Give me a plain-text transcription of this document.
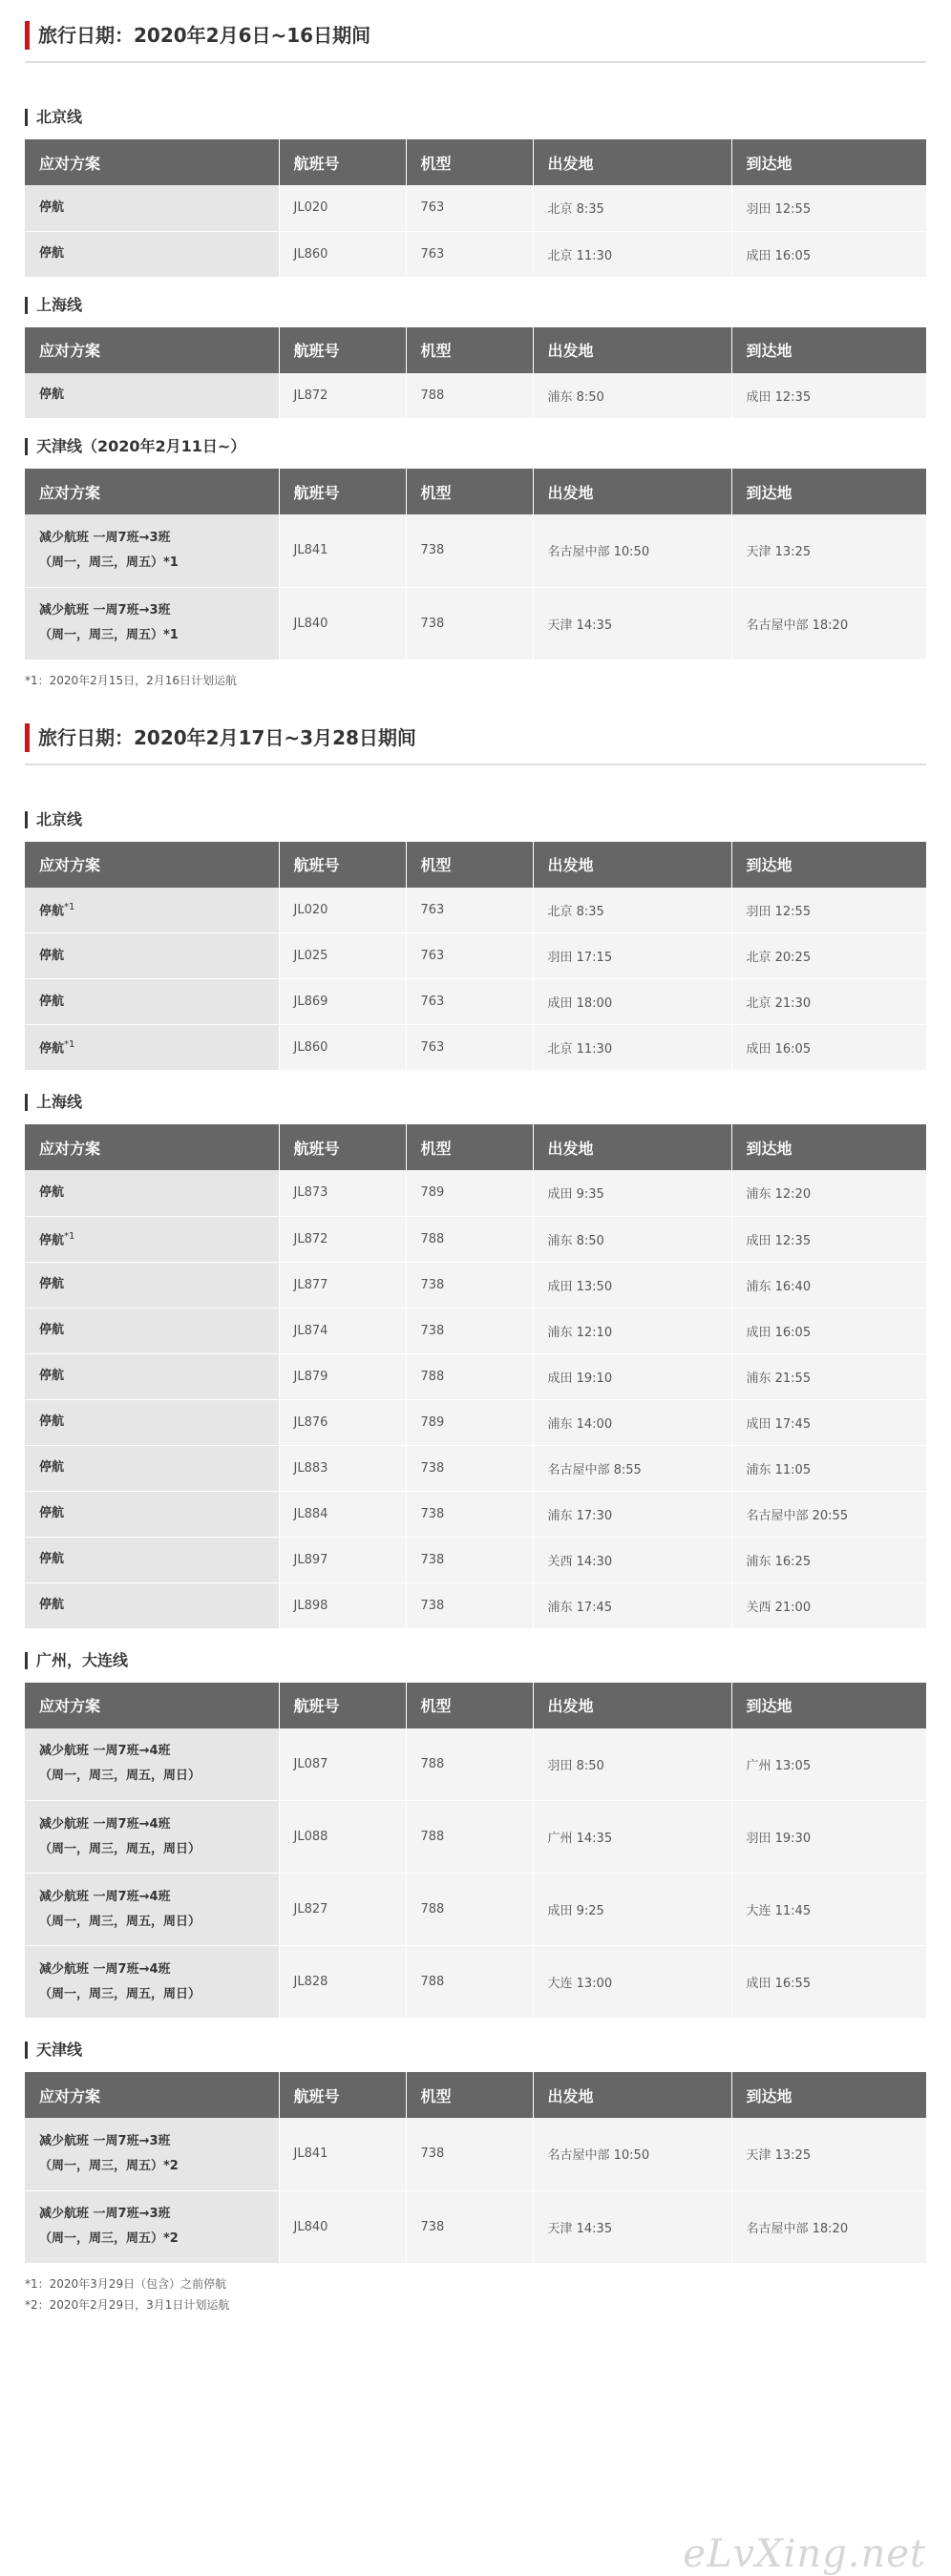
旅行日期：2020年2月6日~16日期间
北京线
应对方案	航班号	机型	出发地	到达地
停航	JL020	763	北京 8:35	羽田 12:55
停航	JL860	763	北京 11:30	成田 16:05
上海线
应对方案	航班号	机型	出发地	到达地
停航	JL872	788	浦东 8:50	成田 12:35
天津线（2020年2月11日~）
应对方案	航班号	机型	出发地	到达地
减少航班 一周7班→3班
（周一，周三，周五）*1	JL841	738	名古屋中部 10:50	天津 13:25
减少航班 一周7班→3班
（周一，周三，周五）*1	JL840	738	天津 14:35	名古屋中部 18:20
*1：2020年2月15日，2月16日计划运航
旅行日期：2020年2月17日~3月28日期间
北京线
应对方案	航班号	机型	出发地	到达地
停航$^{*1}$	JL020	763	北京 8:35	羽田 12:55
停航	JL025	763	羽田 17:15	北京 20:25
停航	JL869	763	成田 18:00	北京 21:30
停航$^{*1}$	JL860	763	北京 11:30	成田 16:05
上海线
应对方案	航班号	机型	出发地	到达地
停航	JL873	789	成田 9:35	浦东 12:20
停航$^{*1}$	JL872	788	浦东 8:50	成田 12:35
停航	JL877	738	成田 13:50	浦东 16:40
停航	JL874	738	浦东 12:10	成田 16:05
停航	JL879	788	成田 19:10	浦东 21:55
停航	JL876	789	浦东 14:00	成田 17:45
停航	JL883	738	名古屋中部 8:55	浦东 11:05
停航	JL884	738	浦东 17:30	名古屋中部 20:55
停航	JL897	738	关西 14:30	浦东 16:25
停航	JL898	738	浦东 17:45	关西 21:00
广州，大连线
应对方案	航班号	机型	出发地	到达地
减少航班 一周7班→4班
（周一，周三，周五，周日）	JL087	788	羽田 8:50	广州 13:05
减少航班 一周7班→4班
（周一，周三，周五，周日）	JL088	788	广州 14:35	羽田 19:30
减少航班 一周7班→4班
（周一，周三，周五，周日）	JL827	788	成田 9:25	大连 11:45
减少航班 一周7班→4班
（周一，周三，周五，周日）	JL828	788	大连 13:00	成田 16:55
天津线
应对方案	航班号	机型	出发地	到达地
减少航班 一周7班→3班
（周一，周三，周五）*2	JL841	738	名古屋中部 10:50	天津 13:25
减少航班 一周7班→3班
（周一，周三，周五）*2	JL840	738	天津 14:35	名古屋中部 18:20
*1：2020年3月29日（包含）之前停航
*2：2020年2月29日，3月1日计划运航
eLvXing.net
